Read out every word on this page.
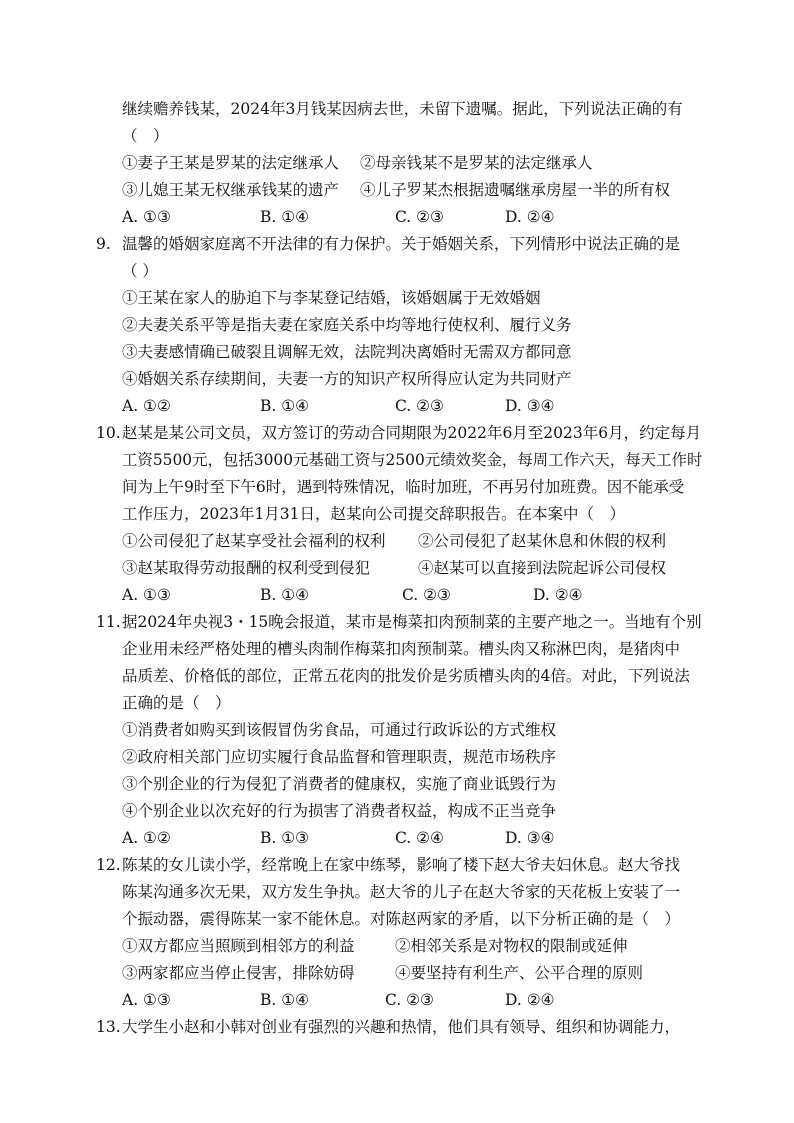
继续赡养钱某，2024年3月钱某因病去世，未留下遗嘱。据此，下列说法正确的有
（　）
①妻子王某是罗某的法定继承人 ②母亲钱某不是罗某的法定继承人
③儿媳王某无权继承钱某的遗产 ④儿子罗某杰根据遗嘱继承房屋一半的所有权
A. ①③	B. ①④	C. ②③	D. ②④
9. 温馨的婚姻家庭离不开法律的有力保护。关于婚姻关系，下列情形中说法正确的是
（ ）
①王某在家人的胁迫下与李某登记结婚，该婚姻属于无效婚姻
②夫妻关系平等是指夫妻在家庭关系中均等地行使权利、履行义务
③夫妻感情确已破裂且调解无效，法院判决离婚时无需双方都同意
④婚姻关系存续期间，夫妻一方的知识产权所得应认定为共同财产
A. ①②	B. ①④	C. ②③	D. ③④
10. 赵某是某公司文员，双方签订的劳动合同期限为2022年6月至2023年6月，约定每月
工资5500元，包括3000元基础工资与2500元绩效奖金，每周工作六天，每天工作时
间为上午9时至下午6时，遇到特殊情况，临时加班，不再另付加班费。因不能承受
工作压力，2023年1月31日，赵某向公司提交辞职报告。在本案中（　）
①公司侵犯了赵某享受社会福利的权利 ②公司侵犯了赵某休息和休假的权利
③赵某取得劳动报酬的权利受到侵犯	④赵某可以直接到法院起诉公司侵权
A. ①③	B. ①④	C. ②③	D. ②④
11. 据2024年央视3・15晚会报道，某市是梅菜扣肉预制菜的主要产地之一。当地有个别
企业用未经严格处理的槽头肉制作梅菜扣肉预制菜。槽头肉又称淋巴肉，是猪肉中
品质差、价格低的部位，正常五花肉的批发价是劣质槽头肉的4倍。对此，下列说法
正确的是（　）
①消费者如购买到该假冒伪劣食品，可通过行政诉讼的方式维权
②政府相关部门应切实履行食品监督和管理职责，规范市场秩序
③个别企业的行为侵犯了消费者的健康权，实施了商业诋毁行为
④个别企业以次充好的行为损害了消费者权益，构成不正当竞争
A. ①②	B. ①③	C. ②④	D. ③④
12. 陈某的女儿读小学，经常晚上在家中练琴，影响了楼下赵大爷夫妇休息。赵大爷找
陈某沟通多次无果，双方发生争执。赵大爷的儿子在赵大爷家的天花板上安装了一
个振动器，震得陈某一家不能休息。对陈赵两家的矛盾，以下分析正确的是（　）
①双方都应当照顾到相邻方的利益	②相邻关系是对物权的限制或延伸
③两家都应当停止侵害，排除妨碍	④要坚持有利生产、公平合理的原则
A. ①③	B. ①④	C. ②③	D. ②④
13. 大学生小赵和小韩对创业有强烈的兴趣和热情，他们具有领导、组织和协调能力，
